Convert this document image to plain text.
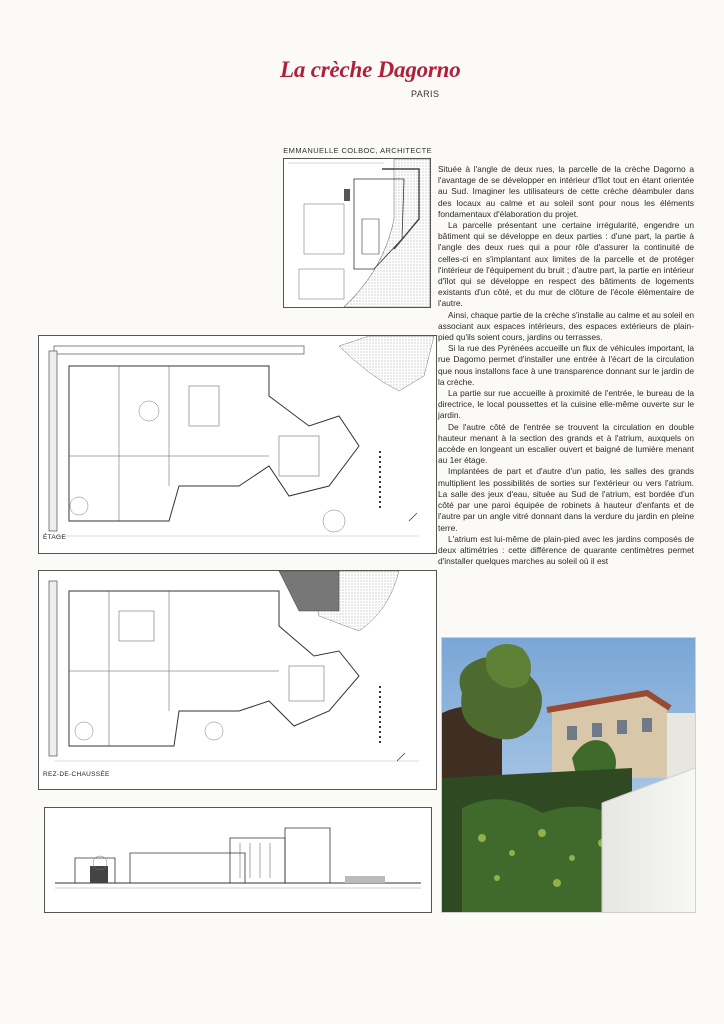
La crèche Dagorno
PARIS
EMMANUELLE COLBOC, ARCHITECTE
ÉTAGE
REZ-DE-CHAUSSÉE

Située à l'angle de deux rues, la parcelle de la crèche Dagorno a l'avantage de se développer en intérieur d'îlot tout en étant orientée au Sud. Imaginer les utilisateurs de cette crèche déambuler dans des locaux au calme et au soleil sont pour nous les éléments fondamentaux d'élaboration du projet.

La parcelle présentant une certaine irrégularité, engendre un bâtiment qui se développe en deux parties : d'une part, la partie à l'angle des deux rues qui a pour rôle d'assurer la continuité de celles-ci en s'implantant aux limites de la parcelle et de protéger l'intérieur de l'équipement du bruit ; d'autre part, la partie en intérieur d'îlot qui se développe en respect des bâtiments de logements existants d'un côté, et du mur de clôture de l'école élémentaire de l'autre.

Ainsi, chaque partie de la crèche s'installe au calme et au soleil en associant aux espaces intérieurs, des espaces extérieurs de plain-pied qu'ils soient cours, jardins ou terrasses.

Si la rue des Pyrénées accueille un flux de véhicules important, la rue Dagorno permet d'installer une entrée à l'écart de la circulation que nous installons face à une transparence donnant sur le jardin de la crèche.

La partie sur rue accueille à proximité de l'entrée, le bureau de la directrice, le local poussettes et la cuisine elle-même ouverte sur le jardin.

De l'autre côté de l'entrée se trouvent la circulation en double hauteur menant à la section des grands et à l'atrium, auxquels on accède en longeant un escalier ouvert et baigné de lumière menant au 1er étage.

Implantées de part et d'autre d'un patio, les salles des grands multiplient les possibilités de sorties sur l'extérieur ou vers l'atrium. La salle des jeux d'eau, située au Sud de l'atrium, est bordée d'un côté par une paroi équipée de robinets à hauteur d'enfants et de l'autre par un angle vitré donnant dans la verdure du jardin en pleine terre.

L'atrium est lui-même de plain-pied avec les jardins composés de deux altimétries : cette différence de quarante centimètres permet d'installer quelques marches au soleil où il est
